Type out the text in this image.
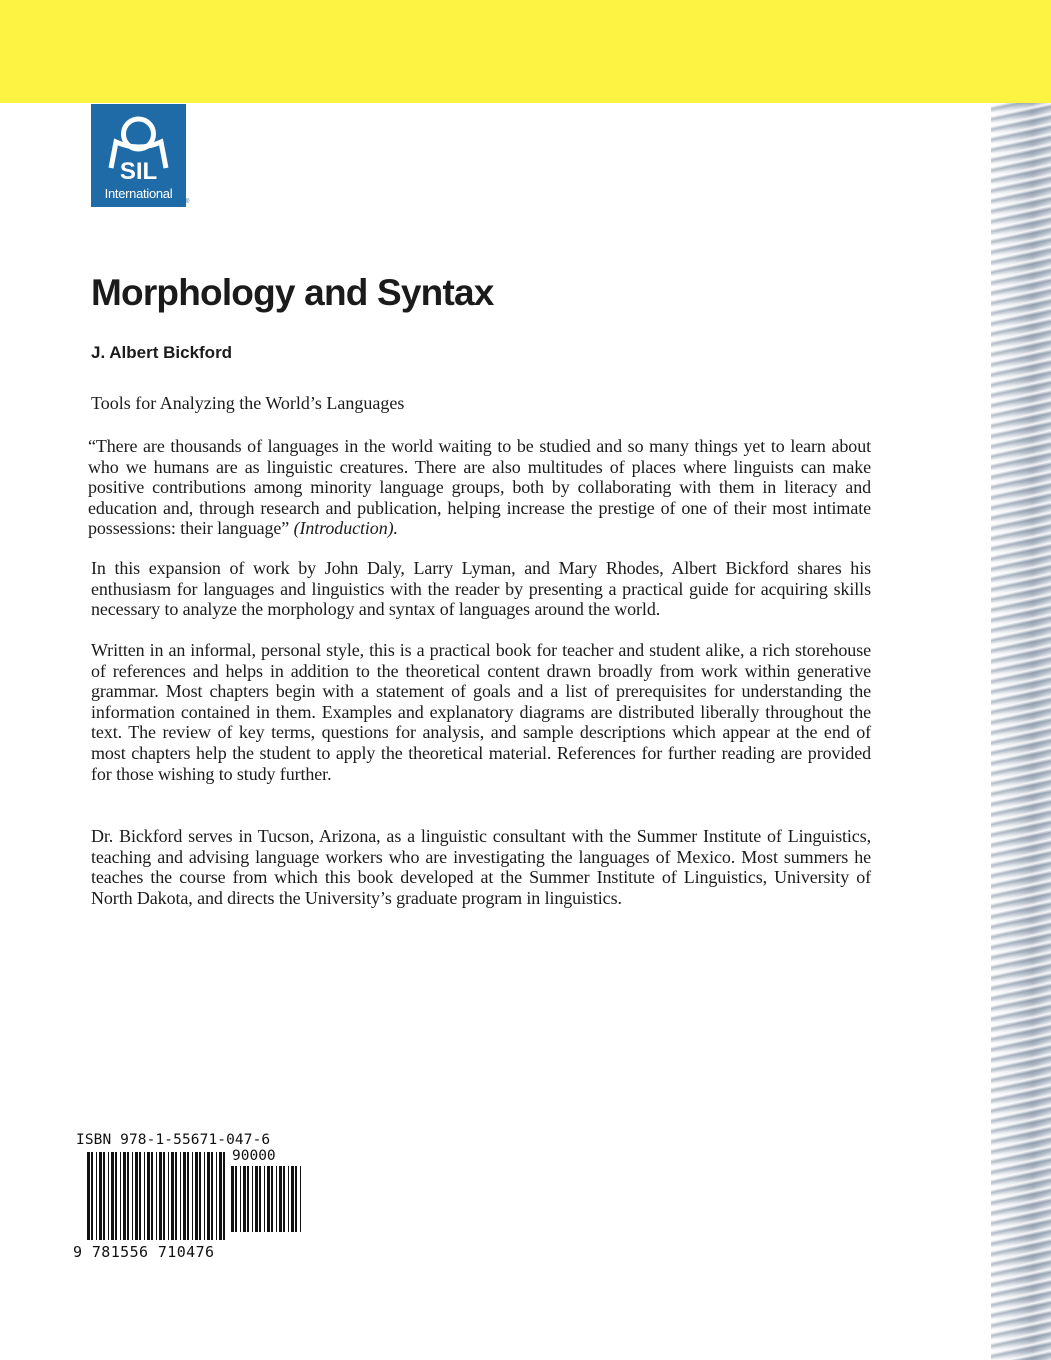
SIL
International
®
Morphology and Syntax

J. Albert Bickford

Tools for Analyzing the World’s Languages

“There are thousands of languages in the world waiting to be studied and so many things yet to learn about who we humans are as linguistic creatures. There are also multitudes of places where linguists can make positive contributions among minority language groups, both by collaborating with them in literacy and education and, through research and publication, helping increase the prestige of one of their most intimate possessions: their language” (Introduction).

In this expansion of work by John Daly, Larry Lyman, and Mary Rhodes, Albert Bickford shares his enthusiasm for languages and linguistics with the reader by presenting a practical guide for acquiring skills necessary to analyze the morphology and syntax of languages around the world.

Written in an informal, personal style, this is a practical book for teacher and student alike, a rich storehouse of references and helps in addition to the theoretical content drawn broadly from work within generative grammar. Most chapters begin with a statement of goals and a list of prerequisites for understanding the information contained in them. Examples and explanatory diagrams are distributed liberally throughout the text. The review of key terms, questions for analysis, and sample descriptions which appear at the end of most chapters help the student to apply the theoretical material. References for further reading are provided for those wishing to study further.

Dr. Bickford serves in Tucson, Arizona, as a linguistic consultant with the Summer Institute of Linguistics, teaching and advising language workers who are investigating the languages of Mexico. Most summers he teaches the course from which this book developed at the Summer Institute of Linguistics, University of North Dakota, and directs the University’s graduate program in linguistics.

ISBN 978-1-55671-047-6

90000

9 781556 710476
